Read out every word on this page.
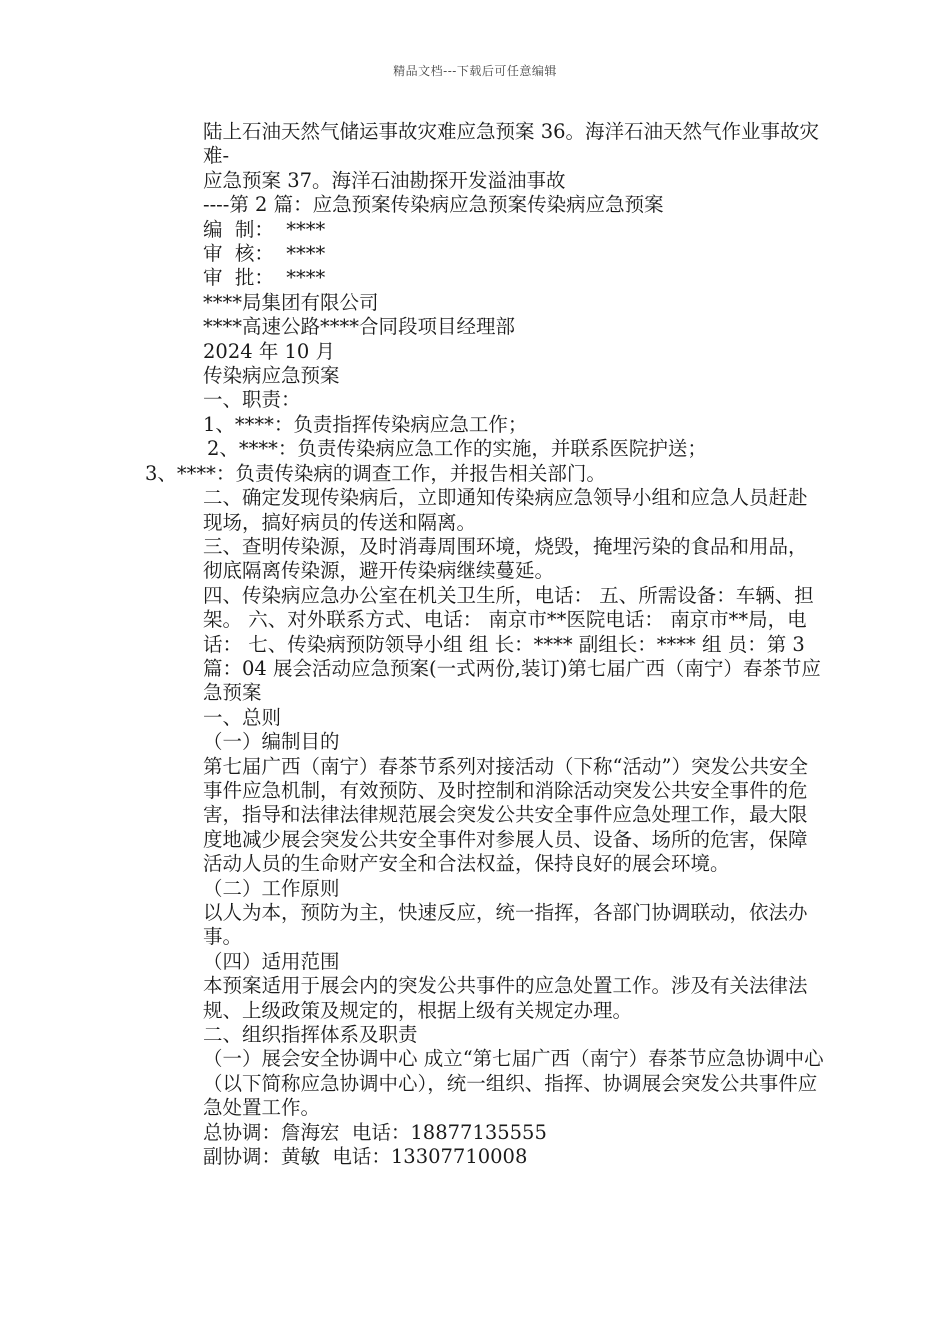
精品文档---下载后可任意编辑
陆上石油天然气储运事故灾难应急预案 36。海洋石油天然气作业事故灾难-
应急预案 37。海洋石油勘探开发溢油事故
----第 2 篇：应急预案传染病应急预案传染病应急预案
编  制：  ****
审  核：  ****
审  批：  ****
****局集团有限公司
****高速公路****合同段项目经理部
2024 年 10 月
传染病应急预案
一、职责：
1、****：负责指挥传染病应急工作；
2、****：负责传染病应急工作的实施，并联系医院护送；
3、****：负责传染病的调查工作，并报告相关部门。
二、确定发现传染病后，立即通知传染病应急领导小组和应急人员赶赴现场，搞好病员的传送和隔离。
三、查明传染源，及时消毒周围环境，烧毁，掩埋污染的食品和用品，彻底隔离传染源，避开传染病继续蔓延。
四、传染病应急办公室在机关卫生所，电话： 五、所需设备：车辆、担架。 六、对外联系方式、电话： 南京市**医院电话： 南京市**局，电话： 七、传染病预防领导小组 组 长：**** 副组长：**** 组 员：第 3 篇：04 展会活动应急预案(一式两份,装订)第七届广西（南宁）春茶节应急预案
一、总则
（一）编制目的
第七届广西（南宁）春茶节系列对接活动（下称“活动”）突发公共安全事件应急机制，有效预防、及时控制和消除活动突发公共安全事件的危害，指导和法律法律规范展会突发公共安全事件应急处理工作，最大限度地减少展会突发公共安全事件对参展人员、设备、场所的危害，保障活动人员的生命财产安全和合法权益，保持良好的展会环境。
（二）工作原则
以人为本，预防为主，快速反应，统一指挥，各部门协调联动，依法办事。
（四）适用范围
本预案适用于展会内的突发公共事件的应急处置工作。涉及有关法律法规、上级政策及规定的，根据上级有关规定办理。
二、组织指挥体系及职责
（一）展会安全协调中心 成立“第七届广西（南宁）春茶节应急协调中心（以下简称应急协调中心），统一组织、指挥、协调展会突发公共事件应急处置工作。
总协调：詹海宏  电话：18877135555
副协调：黄敏  电话：13307710008
